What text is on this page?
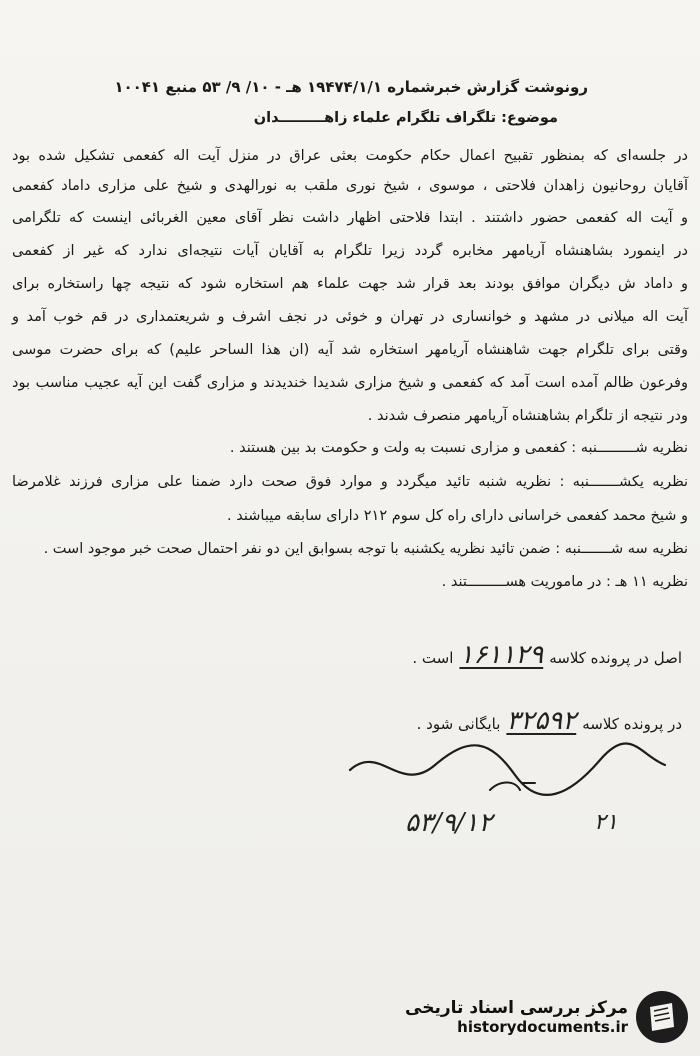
رونوشت گزارش خبرشماره ۱۹۴۷۴/۱/۱ هـ - ۱۰/ ۹/ ۵۳ منبع ۱۰۰۴۱
موضوع: تلگراف تلگرام علماء زاهـــــــــدان
در جلسه‌ای که بمنظور تقبیح اعمال حکام حکومت بعثی عراق در منزل آیت اله کفعمی تشکیل شده بود
آقایان روحانیون زاهدان فلاحتی ، موسوی ، شیخ نوری ملقب به نورالهدی و شیخ علی مزاری داماد کفعمی
و آیت اله کفعمی حضور داشتند . ابتدا فلاحتی اظهار داشت نظر آقای معین الغربائی اینست که تلگرامی
در اینمورد بشاهنشاه آریامهر مخابره گردد زیرا تلگرام به آقایان آیات نتیجه‌ای ندارد که غیر از کفعمی
و داماد ش دیگران موافق بودند بعد قرار شد جهت علماء هم استخاره شود که نتیجه چها راستخاره برای
آیت اله میلانی در مشهد و خوانساری در تهران و خوئی در نجف اشرف و شریعتمداری در قم خوب آمد و
وقتی برای تلگرام جهت شاهنشاه آریامهر استخاره شد آیه (ان هذا الساحر علیم) که برای حضرت موسی
وفرعون ظالم آمده است آمد که کفعمی و شیخ مزاری شدیدا خندیدند و مزاری گفت این آیه عجیب مناسب بود
ودر نتیجه از تلگرام بشاهنشاه آریامهر منصرف شدند .
نظریه شـــــــــنبه : کفعمی و مزاری نسبت به ولت و حکومت بد بین هستند .
نظریه یکشـــــــنبه : نظریه شنبه تائید میگردد و موارد فوق صحت دارد ضمنا علی مزاری فرزند غلامرضا
و شیخ محمد کفعمی خراسانی دارای راه کل سوم ۲۱۲ دارای سابقه میباشند .
نظریه سه شـــــــنبه : ضمن تائید نظریه یکشنبه با توجه بسوابق این دو نفر احتمال صحت خبر موجود است .
نظریه ۱۱ هـ : در ماموریت هســـــــــتند .
اصل در پرونده کلاسه۱۶۱۱۲۹است .
در پرونده کلاسه۳۲۵۹۲بایگانی شود .
۵۳/۹/۱۲	۲۱
مرکز بررسی اسناد تاریخی
historydocuments.ir
